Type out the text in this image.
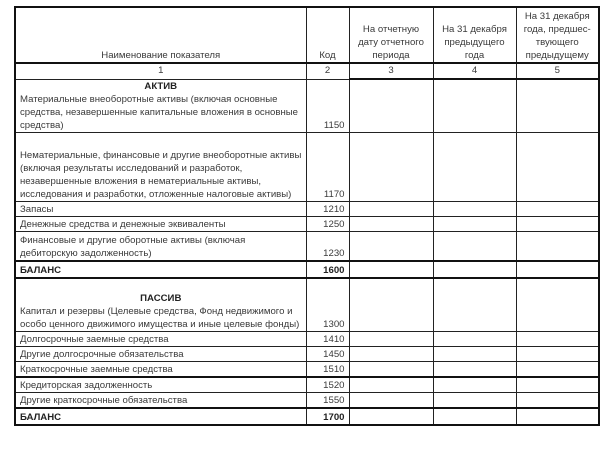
Наименование показателя	Код	На отчетную дату отчетного периода	На 31 декабря предыдущего года	На 31 декабря года, предшес-твующего предыдущему
1	2	3	4	5

АКТИВ
Материальные внеоборотные активы (включая основные средства, незавершенные капитальные вложения в основные средства)	1150			
Нематериальные, финансовые и другие внеоборотные активы (включая результаты исследований и разработок, незавершенные вложения в нематериальные активы, исследования и разработки, отложенные налоговые активы)	1170			
Запасы	1210			
Денежные средства и денежные эквиваленты	1250			
Финансовые и другие оборотные активы (включая дебиторскую задолженность)	1230			
БАЛАНС	1600			

ПАССИВ
Капитал и резервы (Целевые средства, Фонд недвижимого и особо ценного движимого имущества и иные целевые фонды)	1300			
Долгосрочные заемные средства	1410			
Другие долгосрочные обязательства	1450			
Краткосрочные заемные средства	1510			
Кредиторская задолженность	1520			
Другие краткосрочные обязательства	1550			
БАЛАНС	1700			
